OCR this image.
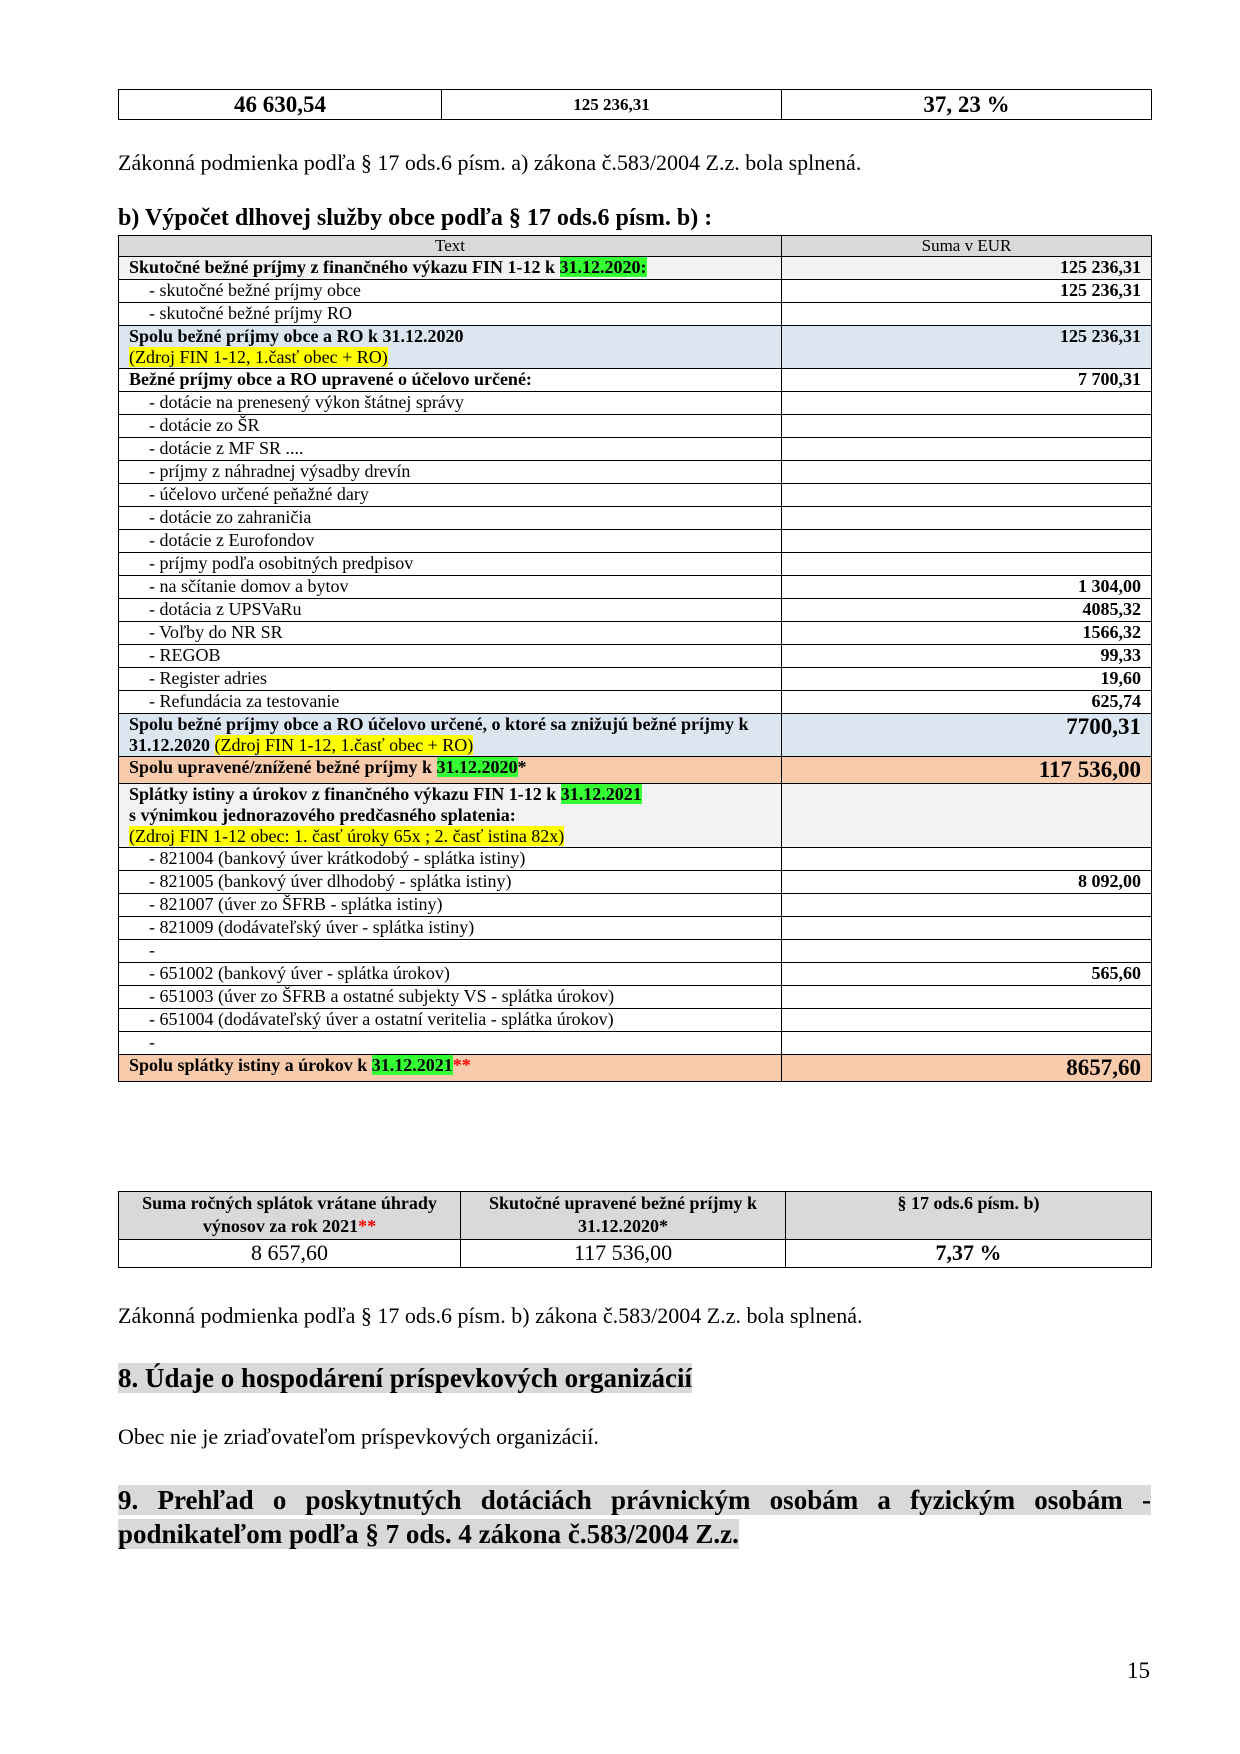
46 630,54	125 236,31	37, 23 %
Zákonná podmienka podľa § 17 ods.6 písm. a) zákona č.583/2004 Z.z. bola splnená.
b) Výpočet dlhovej služby obce podľa § 17 ods.6 písm. b) :
Text	Suma v EUR
Skutočné bežné príjmy z finančného výkazu FIN 1-12 k 31.12.2020:	125 236,31
- skutočné bežné príjmy obce	125 236,31
- skutočné bežné príjmy RO	

Spolu bežné príjmy obce a RO k 31.12.2020
(Zdroj FIN 1-12, 1.časť obec + RO)	125 236,31
Bežné príjmy obce a RO upravené o účelovo určené:	7 700,31
- dotácie na prenesený výkon štátnej správy	
- dotácie zo ŠR	
- dotácie z MF SR ....	
- príjmy z náhradnej výsadby drevín	
- účelovo určené peňažné dary	
- dotácie zo zahraničia	
- dotácie z Eurofondov	
- príjmy podľa osobitných predpisov	
- na sčítanie domov a bytov	1 304,00
- dotácia z UPSVaRu	4085,32
- Voľby do NR SR	1566,32
- REGOB	99,33
- Register adries	19,60
- Refundácia za testovanie	625,74
Spolu bežné príjmy obce a RO účelovo určené, o ktoré sa znižujú bežné príjmy k 31.12.2020 (Zdroj FIN 1-12, 1.časť obec + RO)	7700,31
Spolu upravené/znížené bežné príjmy k 31.12.2020*	117 536,00

Splátky istiny a úrokov z finančného výkazu FIN 1-12 k 31.12.2021
s výnimkou jednorazového predčasného splatenia:
(Zdroj FIN 1-12 obec: 1. časť úroky 65x ; 2. časť istina 82x)	

- 821004 (bankový úver krátkodobý - splátka istiny)	
- 821005 (bankový úver dlhodobý - splátka istiny)	8 092,00
- 821007 (úver zo ŠFRB - splátka istiny)	
- 821009 (dodávateľský úver - splátka istiny)	
-	
- 651002 (bankový úver - splátka úrokov)	565,60
- 651003 (úver zo ŠFRB a ostatné subjekty VS - splátka úrokov)	
- 651004 (dodávateľský úver a ostatní veritelia - splátka úrokov)	
-	
Spolu splátky istiny a úrokov k 31.12.2021**	8657,60
Suma ročných splátok vrátane úhrady výnosov za rok 2021**	Skutočné upravené bežné príjmy k 31.12.2020*	§ 17 ods.6 písm. b)
8 657,60	117 536,00	7,37 %
Zákonná podmienka podľa § 17 ods.6 písm. b) zákona č.583/2004 Z.z. bola splnená.
8. Údaje o hospodárení príspevkových organizácií
Obec nie je zriaďovateľom príspevkových organizácií.
9. Prehľad o poskytnutých dotáciách právnickým osobám a fyzickým osobám - podnikateľom podľa § 7 ods. 4 zákona č.583/2004 Z.z.
15
